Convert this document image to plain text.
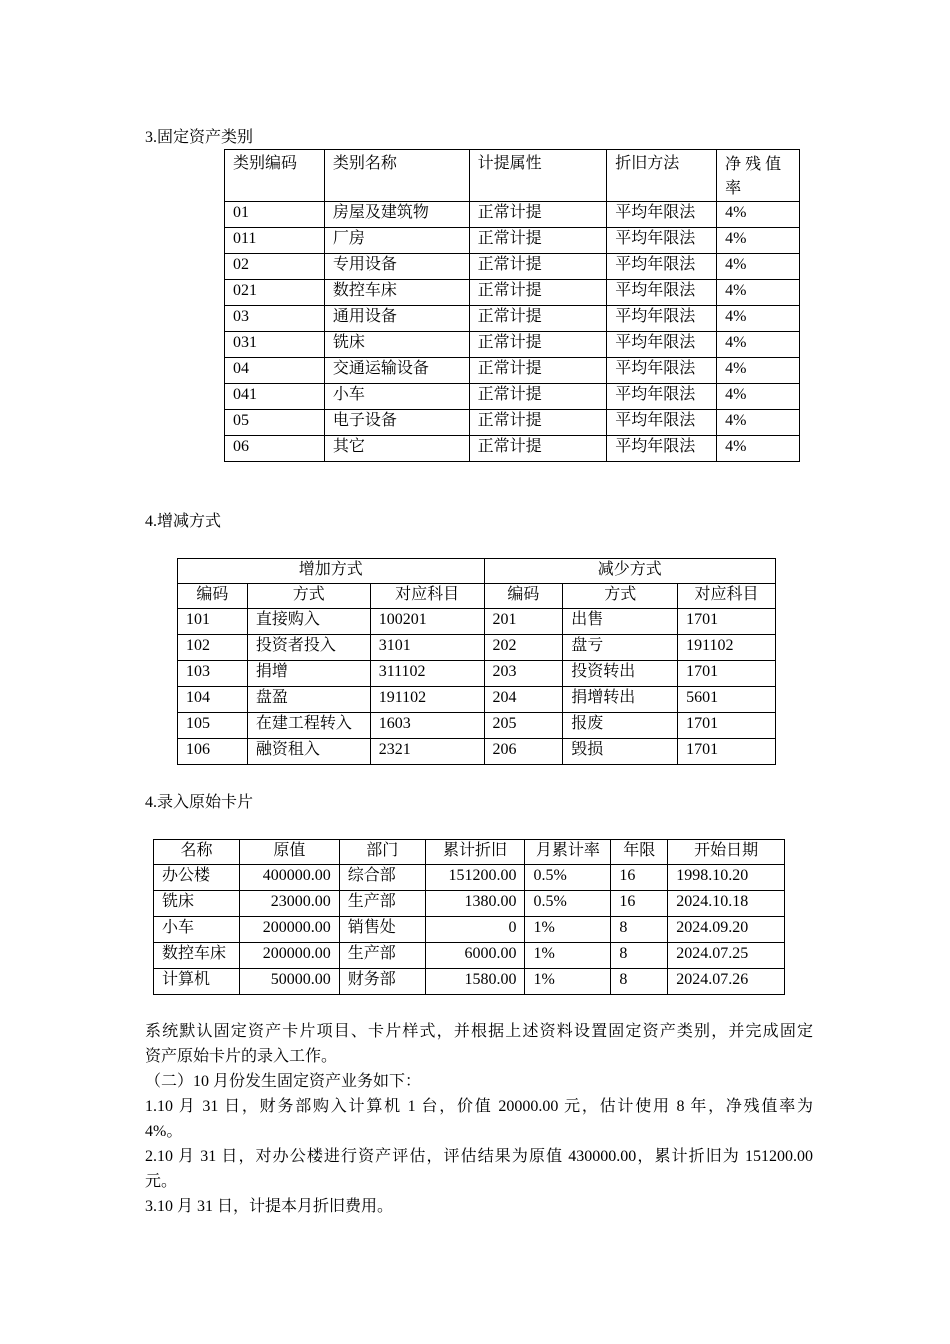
3.固定资产类别
类别编码	类别名称	计提属性	折旧方法	净 残 值
率

01	房屋及建筑物	正常计提	平均年限法	4%
011	厂房	正常计提	平均年限法	4%
02	专用设备	正常计提	平均年限法	4%
021	数控车床	正常计提	平均年限法	4%
03	通用设备	正常计提	平均年限法	4%
031	铣床	正常计提	平均年限法	4%
04	交通运输设备	正常计提	平均年限法	4%
041	小车	正常计提	平均年限法	4%
05	电子设备	正常计提	平均年限法	4%
06	其它	正常计提	平均年限法	4%
4.增减方式
增加方式			减少方式		
编码	方式	对应科目	编码	方式	对应科目
101	直接购入	100201	201	出售	1701
102	投资者投入	3101	202	盘亏	191102
103	捐增	311102	203	投资转出	1701
104	盘盈	191102	204	捐增转出	5601
105	在建工程转入	1603	205	报废	1701
106	融资租入	2321	206	毁损	1701
4.录入原始卡片
名称	原值	部门	累计折旧	月累计率	年限	开始日期
办公楼	400000.00	综合部	151200.00	0.5%	16	1998.10.20
铣床	23000.00	生产部	1380.00	0.5%	16	2024.10.18
小车	200000.00	销售处	0	1%	8	2024.09.20
数控车床	200000.00	生产部	6000.00	1%	8	2024.07.25
计算机	50000.00	财务部	1580.00	1%	8	2024.07.26
系统默认固定资产卡片项目、卡片样式，并根据上述资料设置固定资产类别，并完成固定
资产原始卡片的录入工作。
（二）10 月份发生固定资产业务如下：
1.10 月 31 日，财务部购入计算机 1 台，价值 20000.00 元，估计使用 8 年，净残值率为
4%。
2.10 月 31 日，对办公楼进行资产评估，评估结果为原值 430000.00，累计折旧为 151200.00
元。
3.10 月 31 日，计提本月折旧费用。
